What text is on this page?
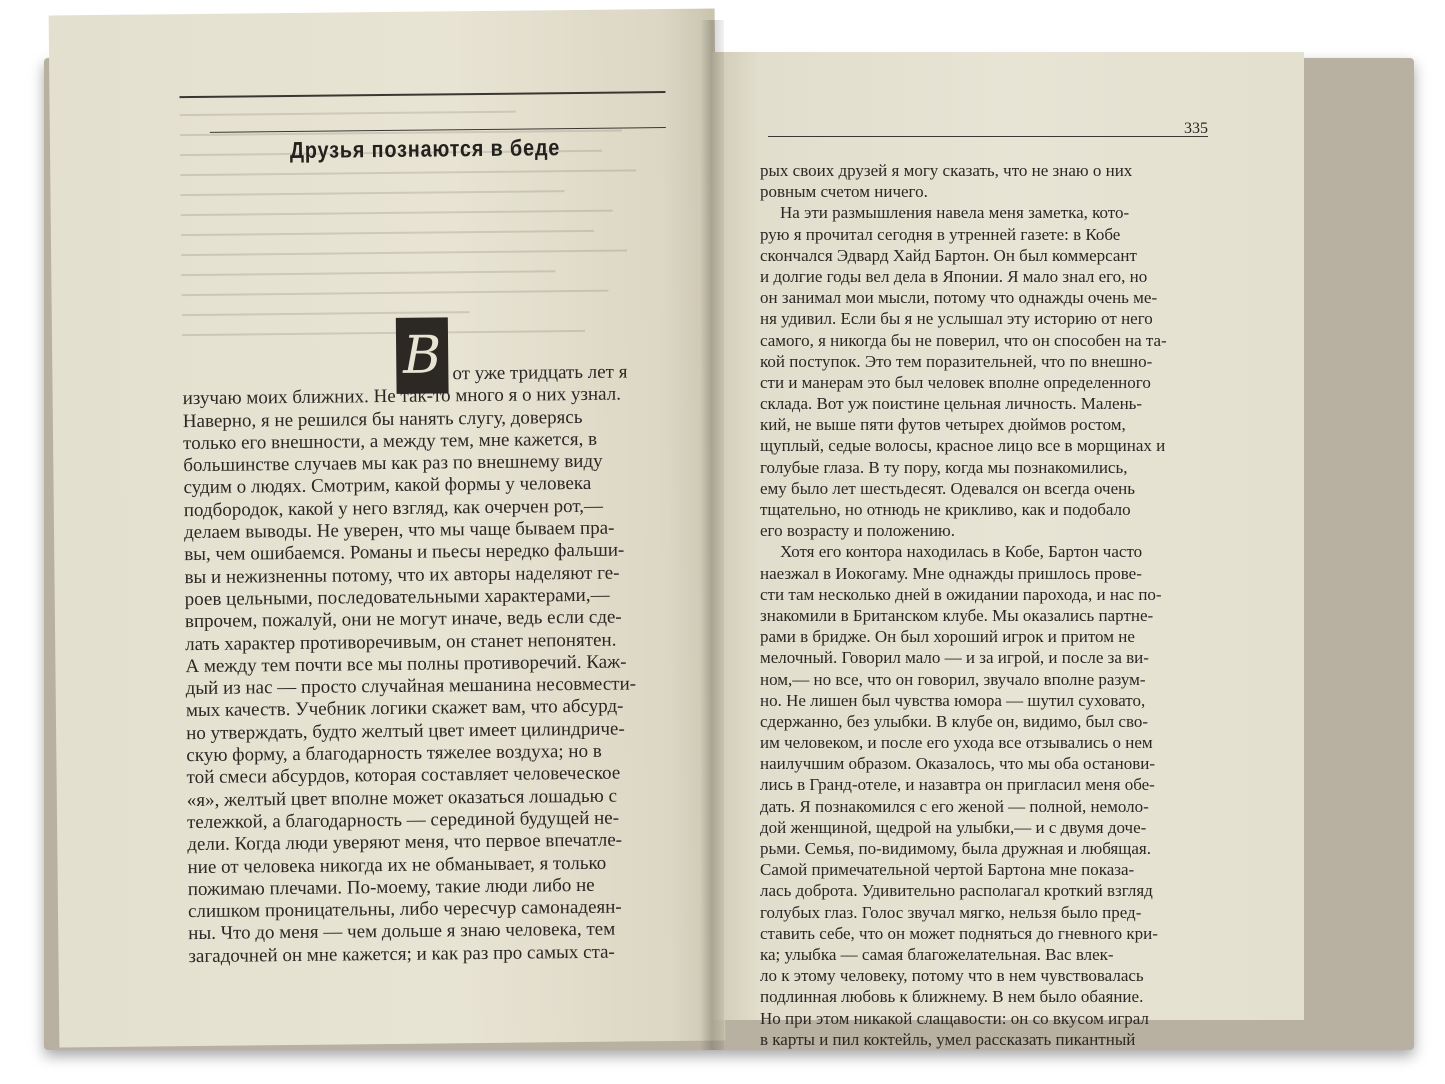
Друзья познаются в беде
В от уже тридцать лет я
изучаю моих ближних. Не так-то много я о них узнал.
Наверно, я не решился бы нанять слугу, доверясь
только его внешности, а между тем, мне кажется, в
большинстве случаев мы как раз по внешнему виду
судим о людях. Смотрим, какой формы у человека
подбородок, какой у него взгляд, как очерчен рот,—
делаем выводы. Не уверен, что мы чаще бываем пра-
вы, чем ошибаемся. Романы и пьесы нередко фальши-
вы и нежизненны потому, что их авторы наделяют ге-
роев цельными, последовательными характерами,—
впрочем, пожалуй, они не могут иначе, ведь если сде-
лать характер противоречивым, он станет непонятен.
А между тем почти все мы полны противоречий. Каж-
дый из нас — просто случайная мешанина несовмести-
мых качеств. Учебник логики скажет вам, что абсурд-
но утверждать, будто желтый цвет имеет цилиндриче-
скую форму, а благодарность тяжелее воздуха; но в
той смеси абсурдов, которая составляет человеческое
«я», желтый цвет вполне может оказаться лошадью с
тележкой, а благодарность — серединой будущей не-
дели. Когда люди уверяют меня, что первое впечатле-
ние от человека никогда их не обманывает, я только
пожимаю плечами. По-моему, такие люди либо не
слишком проницательны, либо чересчур самонадеян-
ны. Что до меня — чем дольше я знаю человека, тем
загадочней он мне кажется; и как раз про самых ста-
335
рых своих друзей я могу сказать, что не знаю о них
ровным счетом ничего.
На эти размышления навела меня заметка, кото-
рую я прочитал сегодня в утренней газете: в Кобе
скончался Эдвард Хайд Бартон. Он был коммерсант
и долгие годы вел дела в Японии. Я мало знал его, но
он занимал мои мысли, потому что однажды очень ме-
ня удивил. Если бы я не услышал эту историю от него
самого, я никогда бы не поверил, что он способен на та-
кой поступок. Это тем поразительней, что по внешно-
сти и манерам это был человек вполне определенного
склада. Вот уж поистине цельная личность. Малень-
кий, не выше пяти футов четырех дюймов ростом,
щуплый, седые волосы, красное лицо все в морщинах и
голубые глаза. В ту пору, когда мы познакомились,
ему было лет шестьдесят. Одевался он всегда очень
тщательно, но отнюдь не крикливо, как и подобало
его возрасту и положению.
Хотя его контора находилась в Кобе, Бартон часто
наезжал в Иокогаму. Мне однажды пришлось прове-
сти там несколько дней в ожидании парохода, и нас по-
знакомили в Британском клубе. Мы оказались партне-
рами в бридже. Он был хороший игрок и притом не
мелочный. Говорил мало — и за игрой, и после за ви-
ном,— но все, что он говорил, звучало вполне разум-
но. Не лишен был чувства юмора — шутил суховато,
сдержанно, без улыбки. В клубе он, видимо, был сво-
им человеком, и после его ухода все отзывались о нем
наилучшим образом. Оказалось, что мы оба останови-
лись в Гранд-отеле, и назавтра он пригласил меня обе-
дать. Я познакомился с его женой — полной, немоло-
дой женщиной, щедрой на улыбки,— и с двумя доче-
рьми. Семья, по-видимому, была дружная и любящая.
Самой примечательной чертой Бартона мне показа-
лась доброта. Удивительно располагал кроткий взгляд
голубых глаз. Голос звучал мягко, нельзя было пред-
ставить себе, что он может подняться до гневного кри-
ка; улыбка — самая благожелательная. Вас влек-
ло к этому человеку, потому что в нем чувствовалась
подлинная любовь к ближнему. В нем было обаяние.
Но при этом никакой слащавости: он со вкусом играл
в карты и пил коктейль, умел рассказать пикантный
